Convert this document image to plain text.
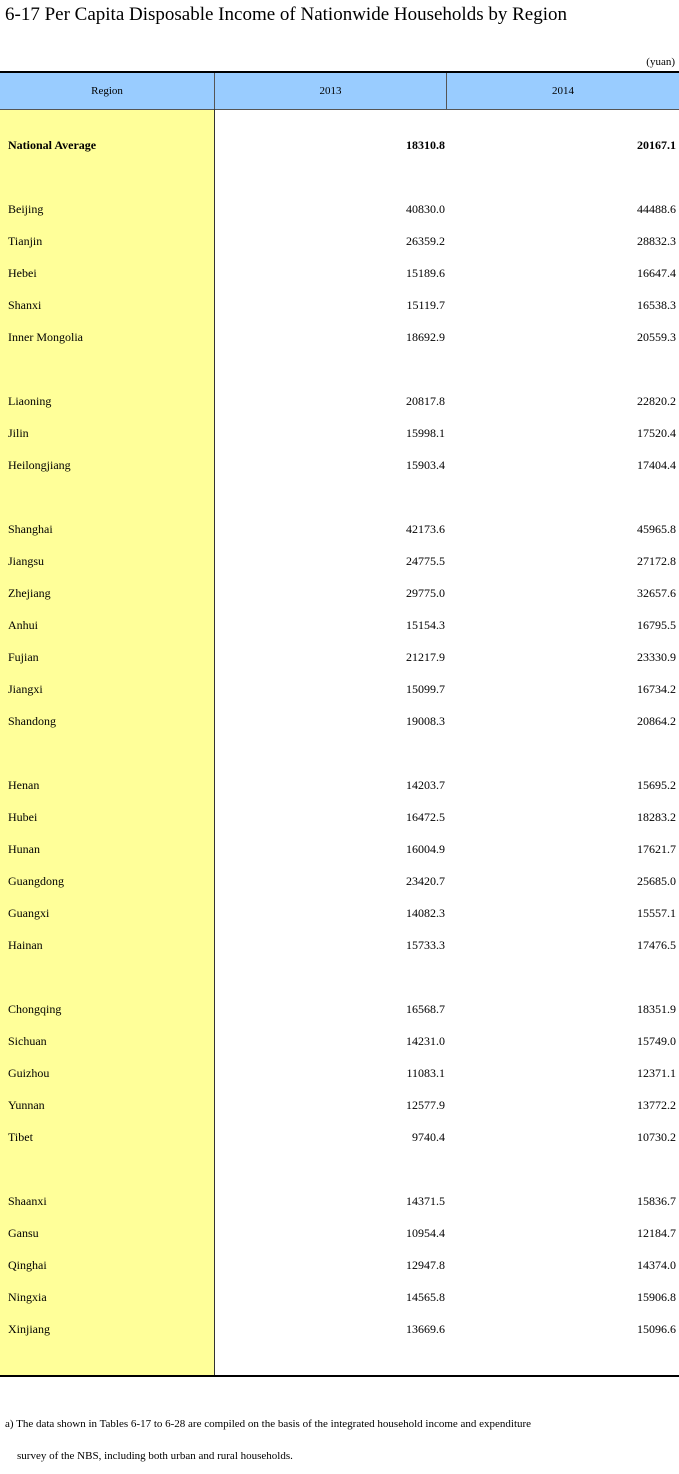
6-17 Per Capita Disposable Income of Nationwide Households by Region
(yuan)
Region	2013	2014
National Average	18310.8	20167.1
Beijing	40830.0	44488.6
Tianjin	26359.2	28832.3
Hebei	15189.6	16647.4
Shanxi	15119.7	16538.3
Inner Mongolia	18692.9	20559.3
Liaoning	20817.8	22820.2
Jilin	15998.1	17520.4
Heilongjiang	15903.4	17404.4
Shanghai	42173.6	45965.8
Jiangsu	24775.5	27172.8
Zhejiang	29775.0	32657.6
Anhui	15154.3	16795.5
Fujian	21217.9	23330.9
Jiangxi	15099.7	16734.2
Shandong	19008.3	20864.2
Henan	14203.7	15695.2
Hubei	16472.5	18283.2
Hunan	16004.9	17621.7
Guangdong	23420.7	25685.0
Guangxi	14082.3	15557.1
Hainan	15733.3	17476.5
Chongqing	16568.7	18351.9
Sichuan	14231.0	15749.0
Guizhou	11083.1	12371.1
Yunnan	12577.9	13772.2
Tibet	9740.4	10730.2
Shaanxi	14371.5	15836.7
Gansu	10954.4	12184.7
Qinghai	12947.8	14374.0
Ningxia	14565.8	15906.8
Xinjiang	13669.6	15096.6
a) The data shown in Tables 6-17 to 6-28 are compiled on the basis of the integrated household income and expenditure
survey of the NBS, including both urban and rural households.
